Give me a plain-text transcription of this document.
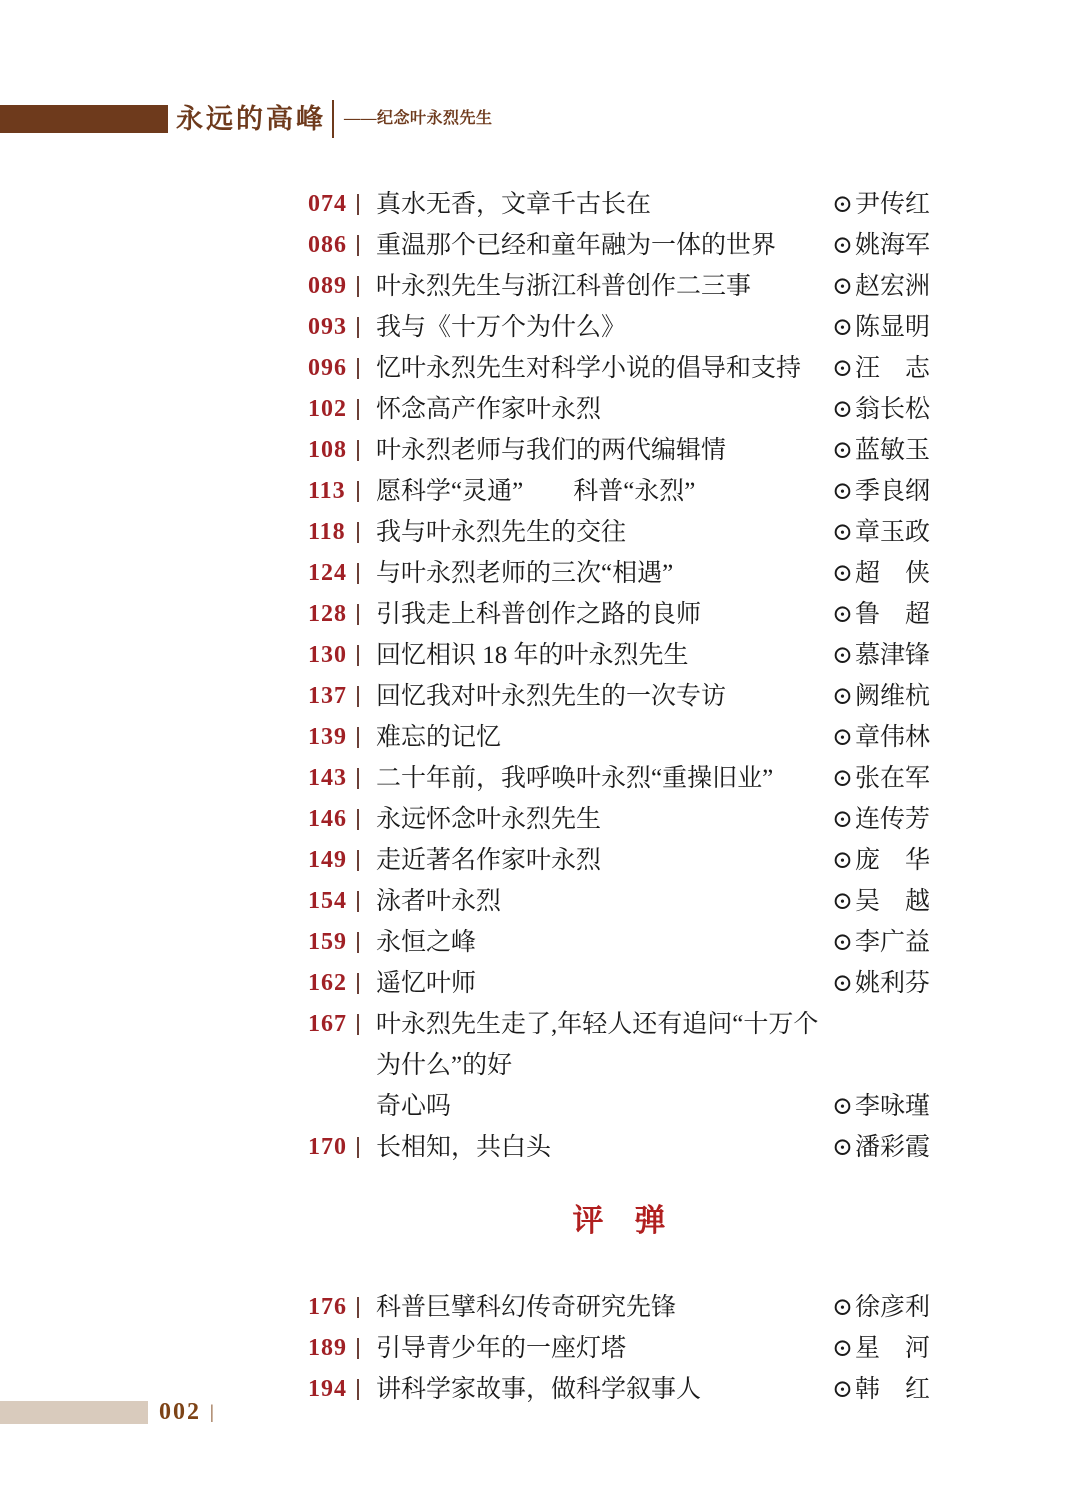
永远的高峰 ——纪念叶永烈先生
074	真水无香，文章千古长在	⊙ 尹传红
086	重温那个已经和童年融为一体的世界	⊙ 姚海军
089	叶永烈先生与浙江科普创作二三事	⊙ 赵宏洲
093	我与《十万个为什么》	⊙ 陈显明
096	忆叶永烈先生对科学小说的倡导和支持	⊙ 汪　志
102	怀念高产作家叶永烈	⊙ 翁长松
108	叶永烈老师与我们的两代编辑情	⊙ 蓝敏玉
113	愿科学“灵通”　　科普“永烈”	⊙ 季良纲
118	我与叶永烈先生的交往	⊙ 章玉政
124	与叶永烈老师的三次“相遇”	⊙ 超　侠
128	引我走上科普创作之路的良师	⊙ 鲁　超
130	回忆相识 18 年的叶永烈先生	⊙ 慕津锋
137	回忆我对叶永烈先生的一次专访	⊙ 阙维杭
139	难忘的记忆	⊙ 章伟林
143	二十年前，我呼唤叶永烈“重操旧业”	⊙ 张在军
146	永远怀念叶永烈先生	⊙ 连传芳
149	走近著名作家叶永烈	⊙ 庞　华
154	泳者叶永烈	⊙ 吴　越
159	永恒之峰	⊙ 李广益
162	遥忆叶师	⊙ 姚利芬
167	叶永烈先生走了,年轻人还有追问“十万个为什么”的好
奇心吗	⊙ 李咏瑾
170	长相知，共白头	⊙ 潘彩霞
评　弹
176	科普巨擘科幻传奇研究先锋	⊙ 徐彦利
189	引导青少年的一座灯塔	⊙ 星　河
194	讲科学家故事，做科学叙事人	⊙ 韩　红
002 |
